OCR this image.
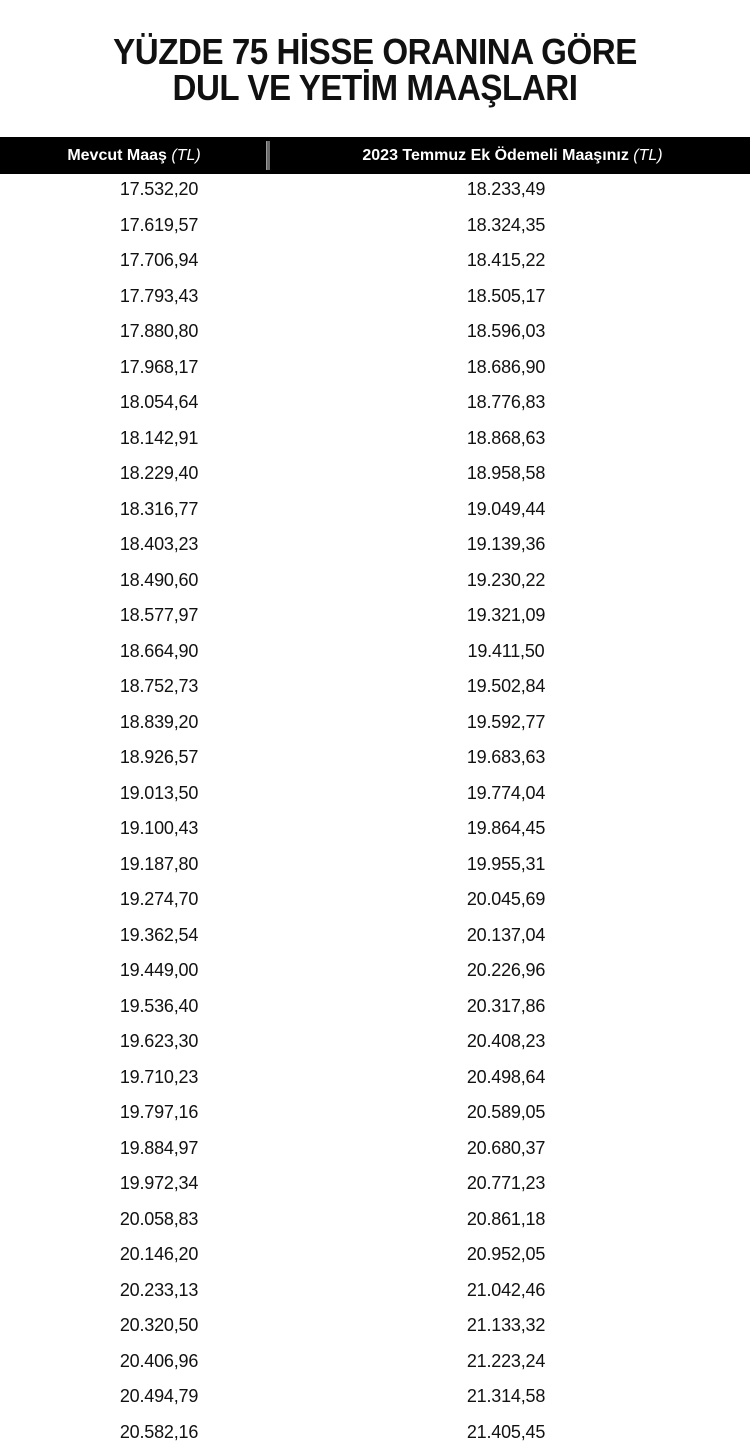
YÜZDE 75 HİSSE ORANINA GÖRE
DUL VE YETİM MAAŞLARI
Mevcut Maaş (TL)	2023 Temmuz Ek Ödemeli Maaşınız (TL)
17.532,20	18.233,49
17.619,57	18.324,35
17.706,94	18.415,22
17.793,43	18.505,17
17.880,80	18.596,03
17.968,17	18.686,90
18.054,64	18.776,83
18.142,91	18.868,63
18.229,40	18.958,58
18.316,77	19.049,44
18.403,23	19.139,36
18.490,60	19.230,22
18.577,97	19.321,09
18.664,90	19.411,50
18.752,73	19.502,84
18.839,20	19.592,77
18.926,57	19.683,63
19.013,50	19.774,04
19.100,43	19.864,45
19.187,80	19.955,31
19.274,70	20.045,69
19.362,54	20.137,04
19.449,00	20.226,96
19.536,40	20.317,86
19.623,30	20.408,23
19.710,23	20.498,64
19.797,16	20.589,05
19.884,97	20.680,37
19.972,34	20.771,23
20.058,83	20.861,18
20.146,20	20.952,05
20.233,13	21.042,46
20.320,50	21.133,32
20.406,96	21.223,24
20.494,79	21.314,58
20.582,16	21.405,45
